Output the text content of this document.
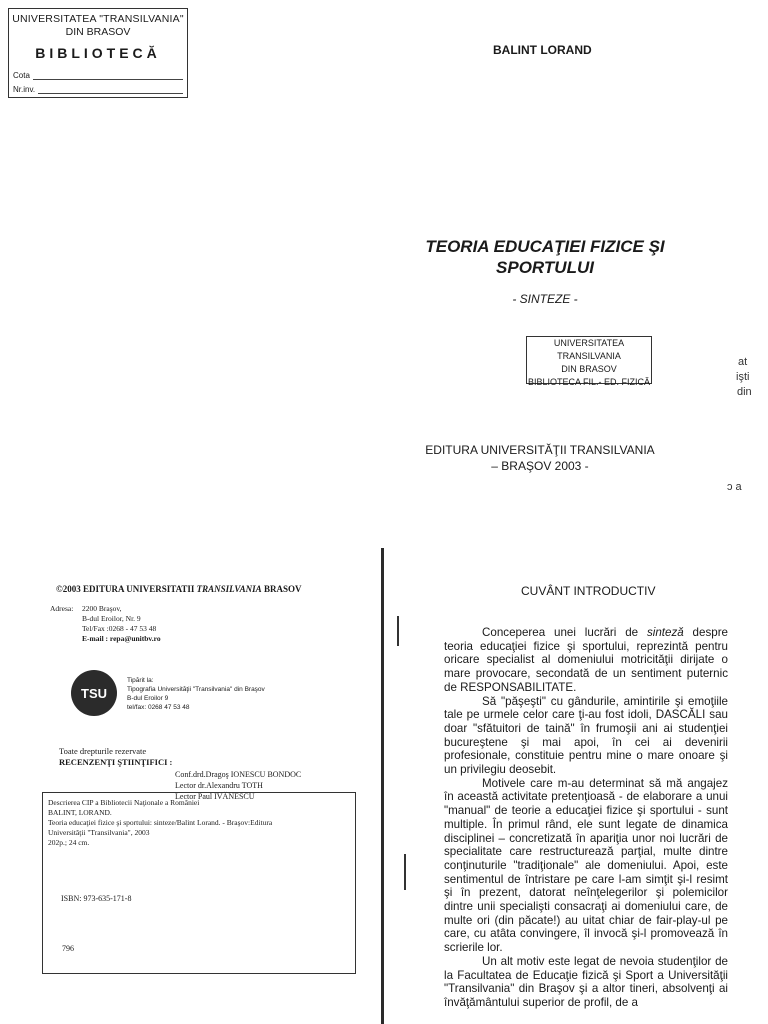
UNIVERSITATEA "TRANSILVANIA"
DIN BRASOV
BIBLIOTECĂ
Cota
Nr.inv.
BALINT LORAND
TEORIA EDUCAŢIEI FIZICE ŞI
SPORTULUI
- SINTEZE -
UNIVERSITATEA TRANSILVANIA
DIN BRASOV
BIBLIOTECA FIL.- ED. FIZICĂ
EDITURA UNIVERSITĂŢII TRANSILVANIA
– BRAŞOV 2003 -
at
işti
din
ɔ a
©2003 EDITURA UNIVERSITATII TRANSILVANIA BRASOV
Adresa: 2200 Braşov,
B-dul Eroilor, Nr. 9
Tel/Fax :0268 - 47 53 48
E-mail : repa@unitbv.ro
TSU
Tipărit la:
Tipografia Universităţii "Transilvania" din Braşov
B-dul Eroilor 9
tel/fax: 0268 47 53 48
Toate drepturile rezervate
RECENZENŢI ŞTIINŢIFICI :
Conf.drd.Dragoş IONESCU BONDOC
Lector dr.Alexandru TOTH
Lector Paul IVĂNESCU
Descrierea CIP a Bibliotecii Naţionale a României
BALINT, LORAND.
Teoria educaţiei fizice şi sportului: sinteze/Balint Lorand. - Braşov:Editura
Universităţii "Transilvania", 2003
202p.; 24 cm.
ISBN: 973-635-171-8
796
CUVÂNT INTRODUCTIV

Conceperea unei lucrări de sinteză despre teoria educaţiei fizice şi sportului, reprezintă pentru oricare specialist al domeniului motricităţii dirijate o mare provocare, secondată de un sentiment puternic de RESPONSABILITATE.

Să "păşeşti" cu gândurile, amintirile şi emoţiile tale pe urmele celor care ţi-au fost idoli, DASCĂLI sau doar "sfătuitori de taină" în frumoşii ani ai studenţiei bucureştene şi mai apoi, în cei ai devenirii profesionale, constituie pentru mine o mare onoare şi un privilegiu deosebit.

Motivele care m-au determinat să mă angajez în această activitate pretenţioasă - de elaborare a unui "manual" de teorie a educaţiei fizice şi sportului - sunt multiple. În primul rând, ele sunt legate de dinamica disciplinei – concretizată în apariţia unor noi lucrări de specialitate care restructurează parţial, multe dintre conţinuturile "tradiţionale" ale domeniului. Apoi, este sentimentul de întristare pe care l-am simţit şi-l resimt şi în prezent, datorat neînţelegerilor şi polemicilor dintre unii specialişti consacraţi ai domeniului care, de multe ori (din păcate!) au uitat chiar de fair-play-ul pe care, cu atâta convingere, îl invocă şi-l promovează în scrierile lor.

Un alt motiv este legat de nevoia studenţilor de la Facultatea de Educaţie fizică şi Sport a Universităţii "Transilvania" din Braşov şi a altor tineri, absolvenţi ai învăţământului superior de profil, de a
